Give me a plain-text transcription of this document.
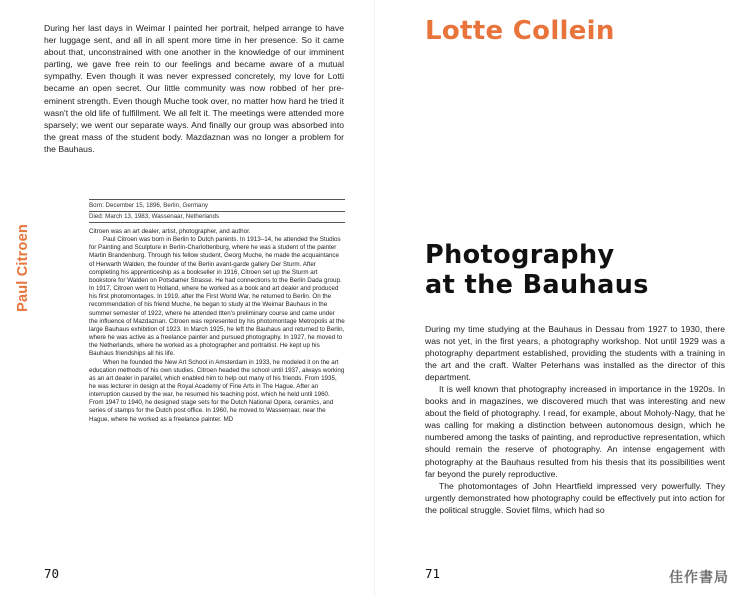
During her last days in Weimar I painted her portrait, helped arrange to have her luggage sent, and all in all spent more time in her presence. So it came about that, unconstrained with one another in the knowledge of our imminent parting, we gave free rein to our feelings and became aware of a mutual sympathy. Even though it was never expressed concretely, my love for Lotti became an open secret. Our little community was now robbed of her pre-eminent strength. Even though Muche took over, no matter how hard he tried it wasn't the old life of fulfillment. We all felt it. The meetings were attended more sparsely; we went our separate ways. And finally our group was absorbed into the great mass of the student body. Mazdaznan was no longer a problem for the Bauhaus.

Paul Citroen
Born: December 15, 1896, Berlin, Germany
Died: March 13, 1983, Wassenaar, Netherlands

Citroen was an art dealer, artist, photographer, and author.

Paul Citroen was born in Berlin to Dutch parents. In 1913–14, he attended the Studios for Painting and Sculpture in Berlin-Charlottenburg, where he was a student of the painter Martin Brandenburg. Through his fellow student, Georg Muche, he made the acquaintance of Herwarth Walden, the founder of the Berlin avant-garde gallery Der Sturm. After completing his apprenticeship as a bookseller in 1916, Citroen set up the Sturm art bookstore for Walden on Potsdamer Strasse. He had connections to the Berlin Dada group. In 1917, Citroen went to Holland, where he worked as a book and art dealer and produced his first photomontages. In 1919, after the First World War, he returned to Berlin. On the recommendation of his friend Muche, he began to study at the Weimar Bauhaus in the summer semester of 1922, where he attended Itten's preliminary course and came under the influence of Mazdaznan. Citroen was represented by his photomontage Metropolis at the large Bauhaus exhibition of 1923. In March 1925, he left the Bauhaus and returned to Berlin, where he was active as a freelance painter and pursued photography. In 1927, he moved to the Netherlands, where he worked as a photographer and portraitist. He kept up his Bauhaus friendships all his life.

When he founded the New Art School in Amsterdam in 1933, he modeled it on the art education methods of his own studies. Citroen headed the school until 1937, always working as an art dealer in parallel, which enabled him to help out many of his friends. From 1935, he was lecturer in design at the Royal Academy of Fine Arts in The Hague. After an interruption caused by the war, he resumed his teaching post, which he held until 1960. From 1947 to 1940, he designed stage sets for the Dutch National Opera, ceramics, and series of stamps for the Dutch post office. In 1960, he moved to Wassernaar, near the Hague, where he worked as a freelance painter. MD

70
Lotte Collein
Photography
at the Bauhaus

During my time studying at the Bauhaus in Dessau from 1927 to 1930, there was not yet, in the first years, a photography workshop. Not until 1929 was a photography department established, providing the students with a training in the art and the craft. Walter Peterhans was installed as the director of this department.

It is well known that photography increased in importance in the 1920s. In books and in magazines, we discovered much that was interesting and new about the field of photography. I read, for example, about Moholy-Nagy, that he was calling for making a distinction between autonomous design, which he numbered among the tasks of painting, and reproductive representation, which should remain the reserve of photography. An intense engagement with photography at the Bauhaus resulted from his thesis that its possibilities went far beyond the purely reproductive.

The photomontages of John Heartfield impressed very powerfully. They urgently demonstrated how photography could be effectively put into action for the political struggle. Soviet films, which had so

71	佳作書局
